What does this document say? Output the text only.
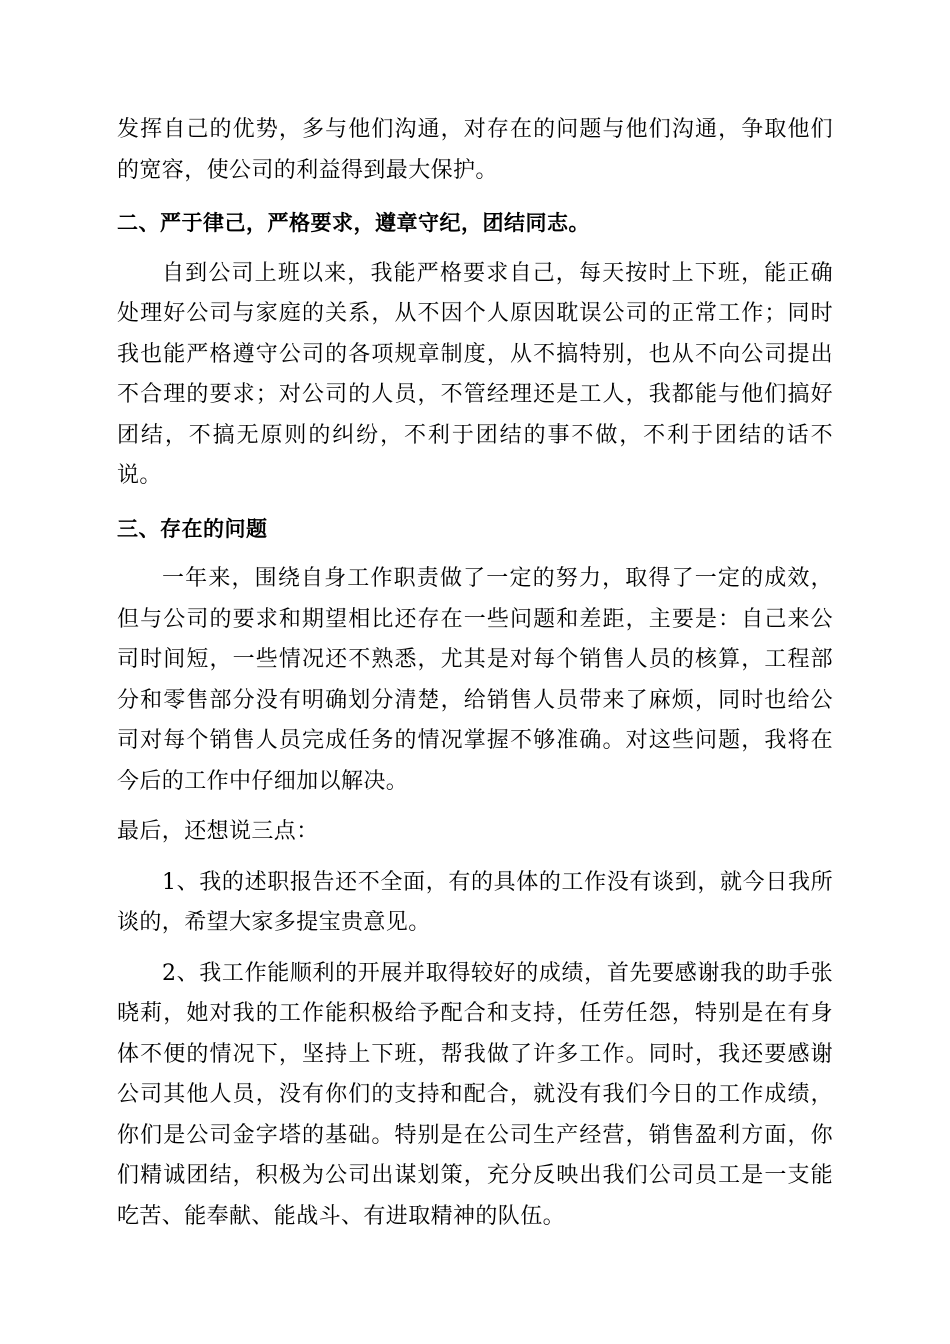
发挥自己的优势，多与他们沟通，对存在的问题与他们沟通，争取他们的宽容，使公司的利益得到最大保护。

二、严于律己，严格要求，遵章守纪，团结同志。

自到公司上班以来，我能严格要求自己，每天按时上下班，能正确处理好公司与家庭的关系，从不因个人原因耽误公司的正常工作；同时我也能严格遵守公司的各项规章制度，从不搞特别，也从不向公司提出不合理的要求；对公司的人员，不管经理还是工人，我都能与他们搞好团结，不搞无原则的纠纷，不利于团结的事不做，不利于团结的话不说。

三、存在的问题

一年来，围绕自身工作职责做了一定的努力，取得了一定的成效，但与公司的要求和期望相比还存在一些问题和差距，主要是：自己来公司时间短，一些情况还不熟悉，尤其是对每个销售人员的核算，工程部分和零售部分没有明确划分清楚，给销售人员带来了麻烦，同时也给公司对每个销售人员完成任务的情况掌握不够准确。对这些问题，我将在今后的工作中仔细加以解决。

最后，还想说三点：

1、我的述职报告还不全面，有的具体的工作没有谈到，就今日我所谈的，希望大家多提宝贵意见。

2、我工作能顺利的开展并取得较好的成绩，首先要感谢我的助手张晓莉，她对我的工作能积极给予配合和支持，任劳任怨，特别是在有身体不便的情况下，坚持上下班，帮我做了许多工作。同时，我还要感谢公司其他人员，没有你们的支持和配合，就没有我们今日的工作成绩，你们是公司金字塔的基础。特别是在公司生产经营，销售盈利方面，你们精诚团结，积极为公司出谋划策，充分反映出我们公司员工是一支能吃苦、能奉献、能战斗、有进取精神的队伍。
